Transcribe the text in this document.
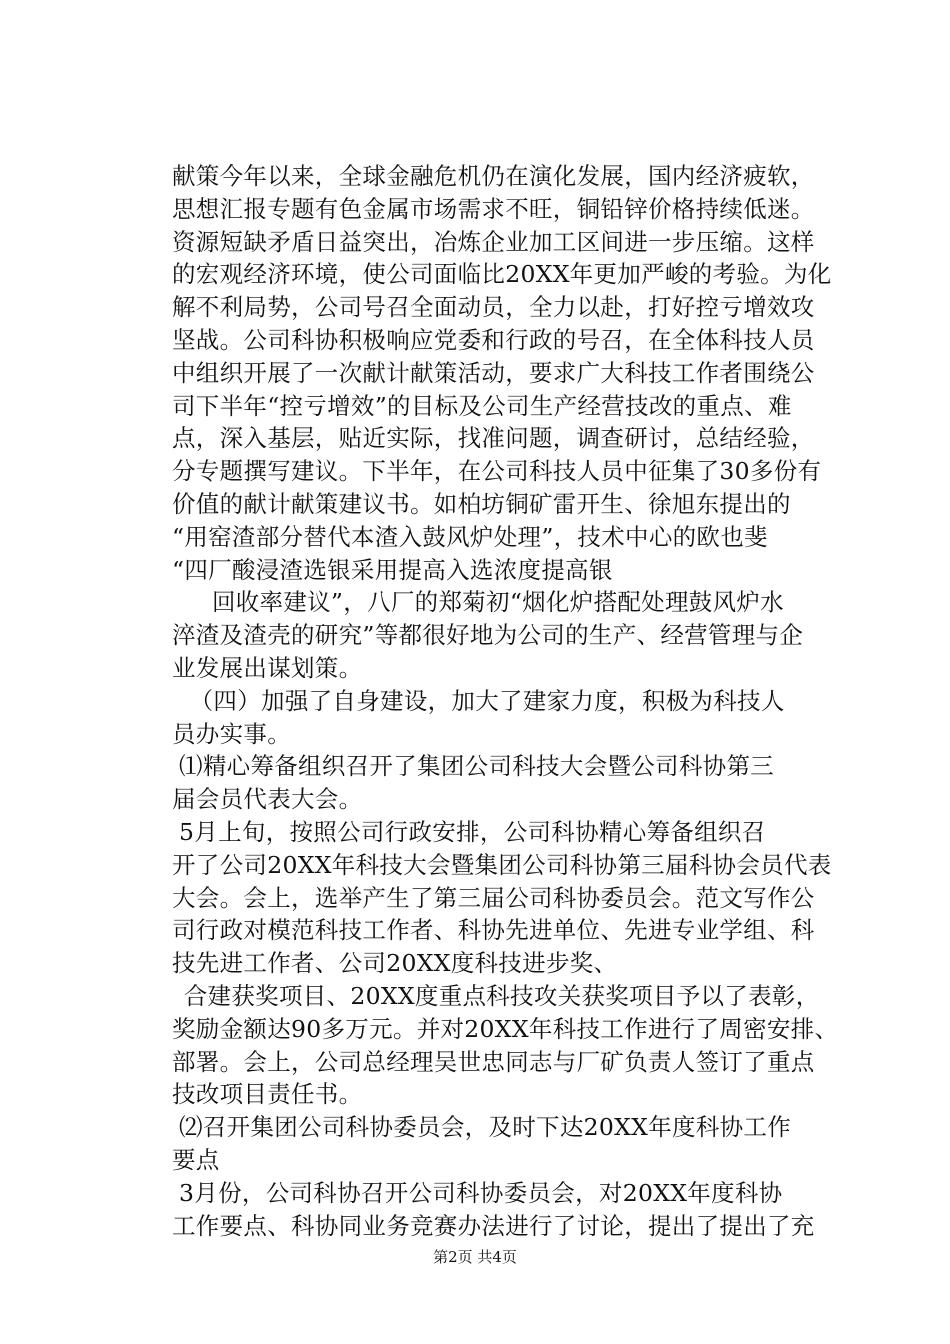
献策今年以来，全球金融危机仍在演化发展，国内经济疲软，
思想汇报专题有色金属市场需求不旺，铜铅锌价格持续低迷。
资源短缺矛盾日益突出，冶炼企业加工区间进一步压缩。这样
的宏观经济环境，使公司面临比20XX年更加严峻的考验。为化
解不利局势，公司号召全面动员，全力以赴，打好控亏增效攻
坚战。公司科协积极响应党委和行政的号召，在全体科技人员
中组织开展了一次献计献策活动，要求广大科技工作者围绕公
司下半年“控亏增效”的目标及公司生产经营技改的重点、难
点，深入基层，贴近实际，找准问题，调查研讨，总结经验，
分专题撰写建议。下半年，在公司科技人员中征集了30多份有
价值的献计献策建议书。如柏坊铜矿雷开生、徐旭东提出的
“用窑渣部分替代本渣入鼓风炉处理”，技术中心的欧也斐
“四厂酸浸渣选银采用提高入选浓度提高银
回收率建议”，八厂的郑菊初“烟化炉搭配处理鼓风炉水
淬渣及渣壳的研究”等都很好地为公司的生产、经营管理与企
业发展出谋划策。
（四）加强了自身建设，加大了建家力度，积极为科技人
员办实事。
⑴精心筹备组织召开了集团公司科技大会暨公司科协第三
届会员代表大会。
5月上旬，按照公司行政安排，公司科协精心筹备组织召
开了公司20XX年科技大会暨集团公司科协第三届科协会员代表
大会。会上，选举产生了第三届公司科协委员会。范文写作公
司行政对模范科技工作者、科协先进单位、先进专业学组、科
技先进工作者、公司20XX度科技进步奖、
合建获奖项目、20XX度重点科技攻关获奖项目予以了表彰，
奖励金额达90多万元。并对20XX年科技工作进行了周密安排、
部署。会上，公司总经理吴世忠同志与厂矿负责人签订了重点
技改项目责任书。
⑵召开集团公司科协委员会，及时下达20XX年度科协工作
要点
3月份，公司科协召开公司科协委员会，对20XX年度科协
工作要点、科协同业务竞赛办法进行了讨论，提出了提出了充
第2页 共4页
